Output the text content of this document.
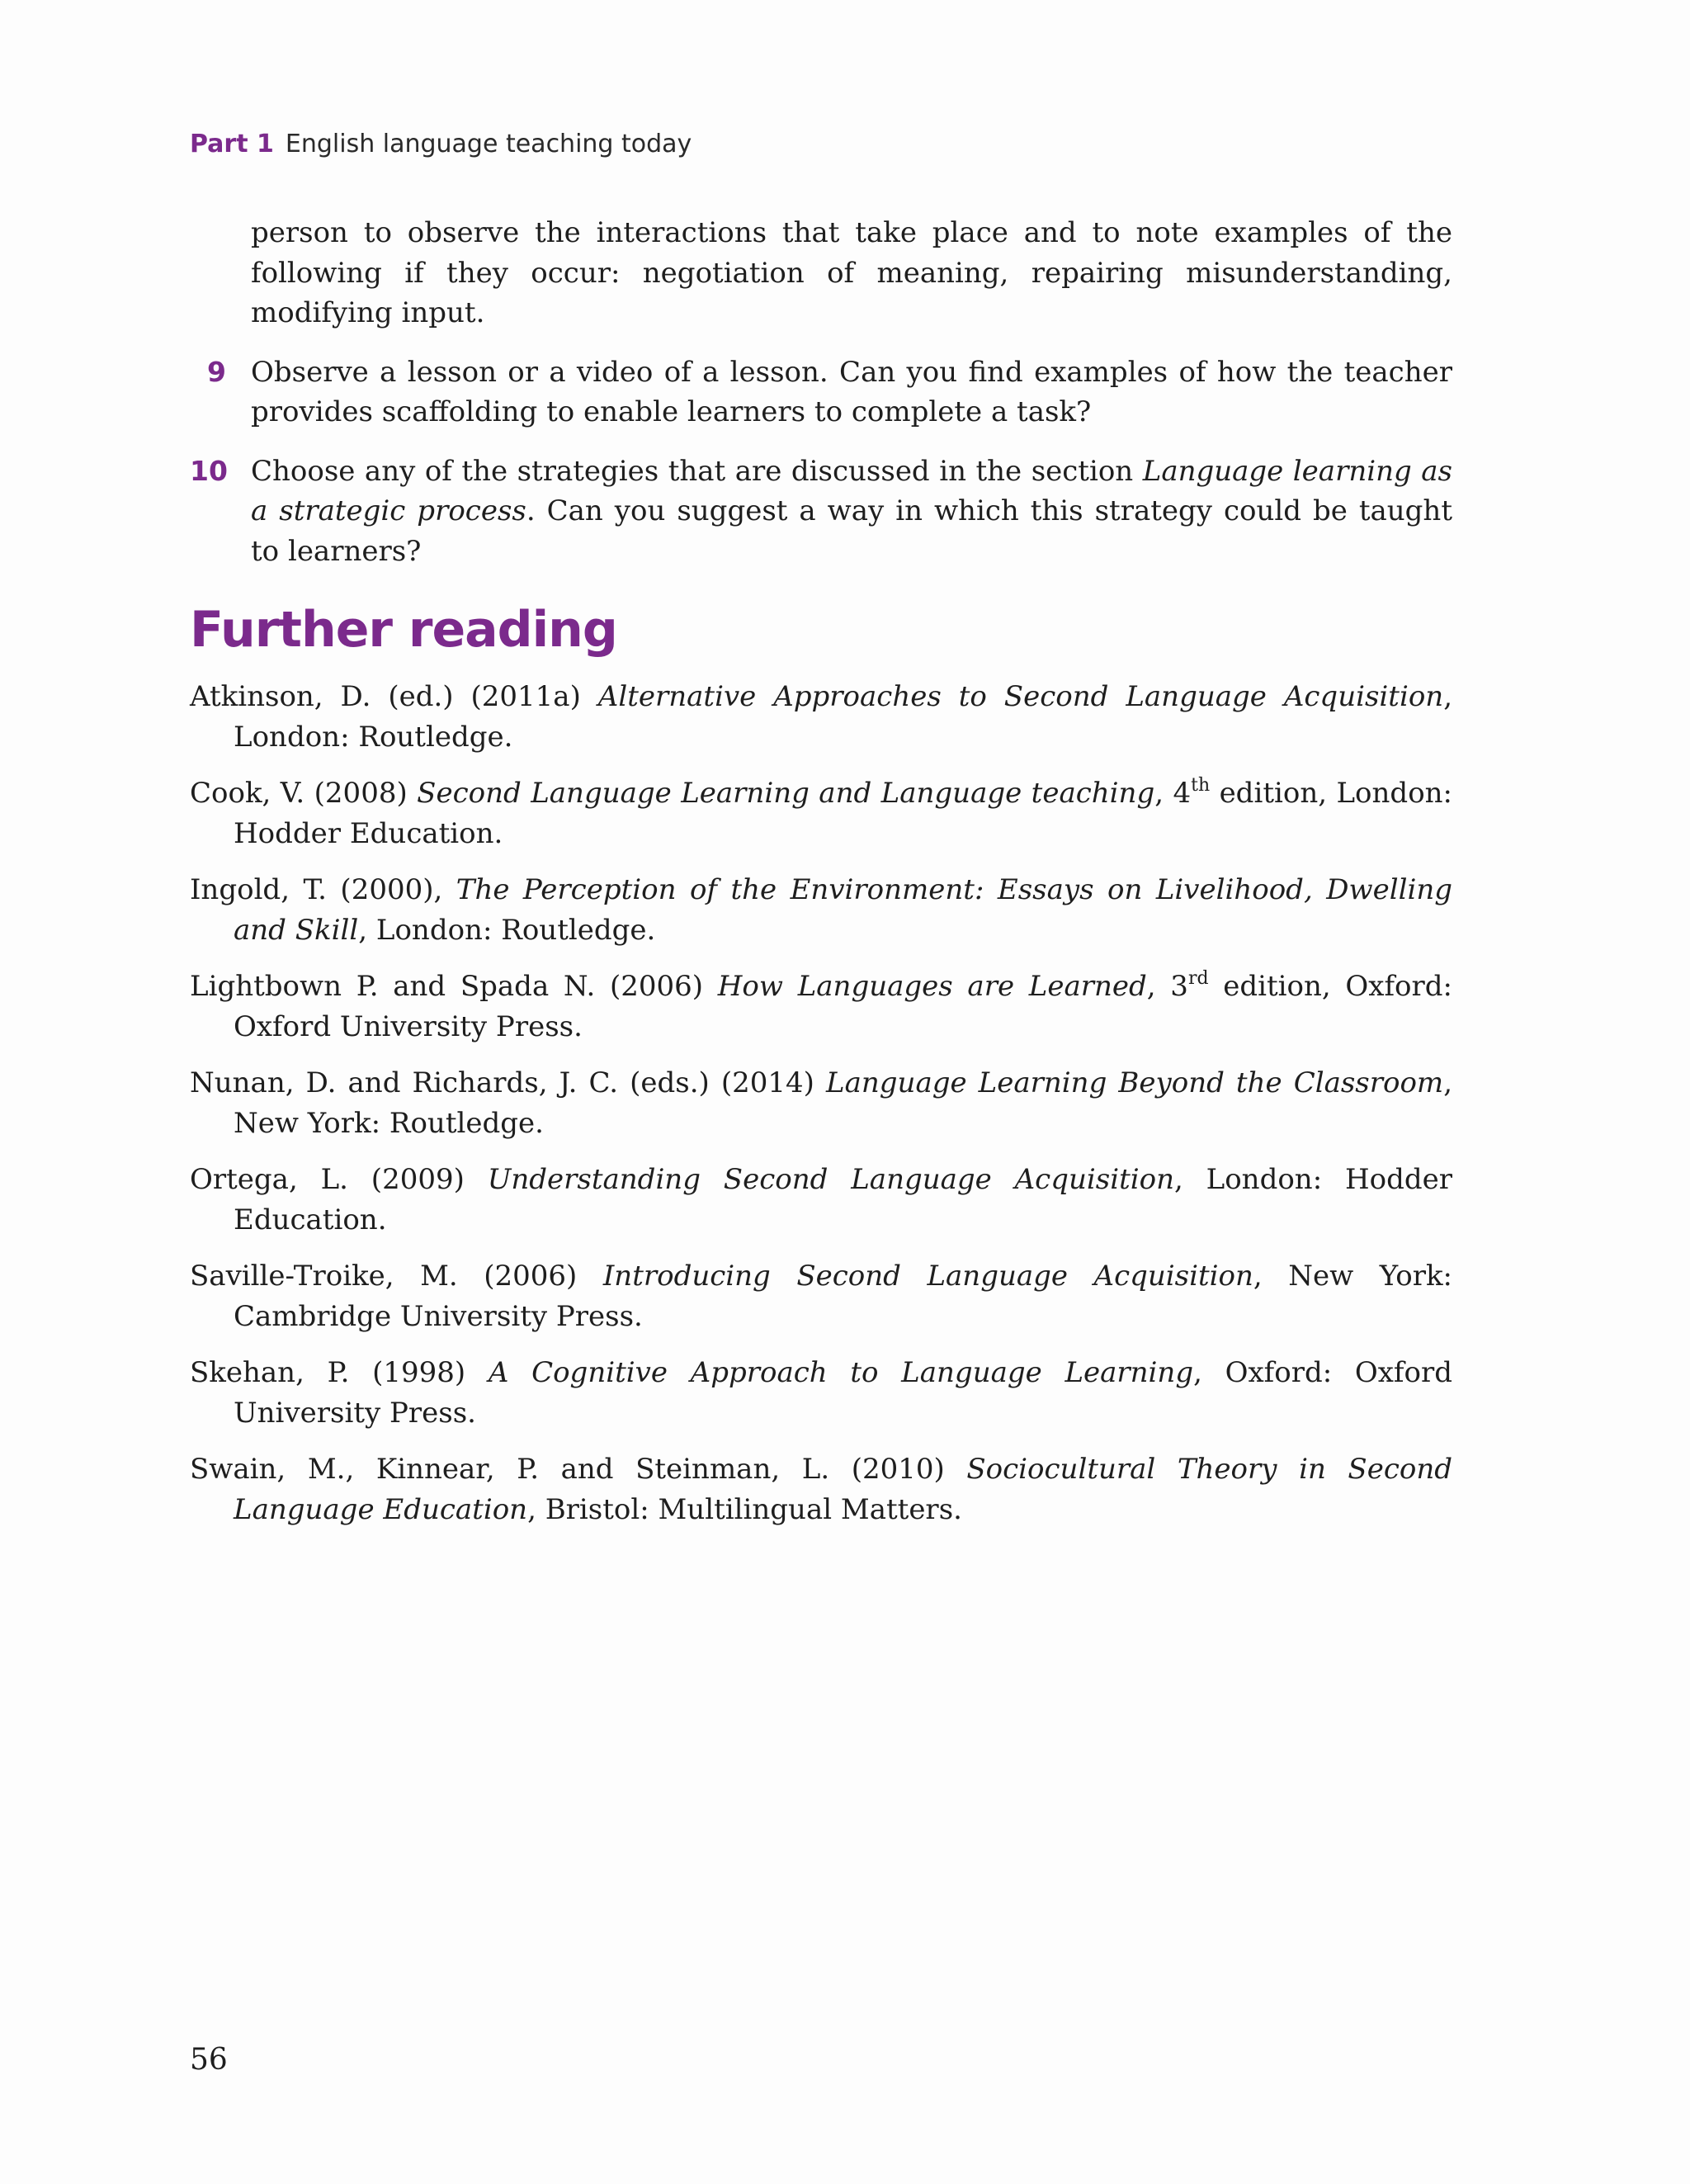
Part 1 English language teaching today
person to observe the interactions that take place and to note examples of the following if they occur: negotiation of meaning, repairing misunderstanding, modifying input.
9 Observe a lesson or a video of a lesson. Can you find examples of how the teacher provides scaffolding to enable learners to complete a task?
10 Choose any of the strategies that are discussed in the section Language learning as a strategic process. Can you suggest a way in which this strategy could be taught to learners?
Further reading
Atkinson, D. (ed.) (2011a) Alternative Approaches to Second Language Acquisition, London: Routledge.
Cook, V. (2008) Second Language Learning and Language teaching, 4th edition, London: Hodder Education.
Ingold, T. (2000), The Perception of the Environment: Essays on Livelihood, Dwelling and Skill, London: Routledge.
Lightbown P. and Spada N. (2006) How Languages are Learned, 3rd edition, Oxford: Oxford University Press.
Nunan, D. and Richards, J. C. (eds.) (2014) Language Learning Beyond the Classroom, New York: Routledge.
Ortega, L. (2009) Understanding Second Language Acquisition, London: Hodder Education.
Saville-Troike, M. (2006) Introducing Second Language Acquisition, New York: Cambridge University Press.
Skehan, P. (1998) A Cognitive Approach to Language Learning, Oxford: Oxford University Press.
Swain, M., Kinnear, P. and Steinman, L. (2010) Sociocultural Theory in Second Language Education, Bristol: Multilingual Matters.
56
